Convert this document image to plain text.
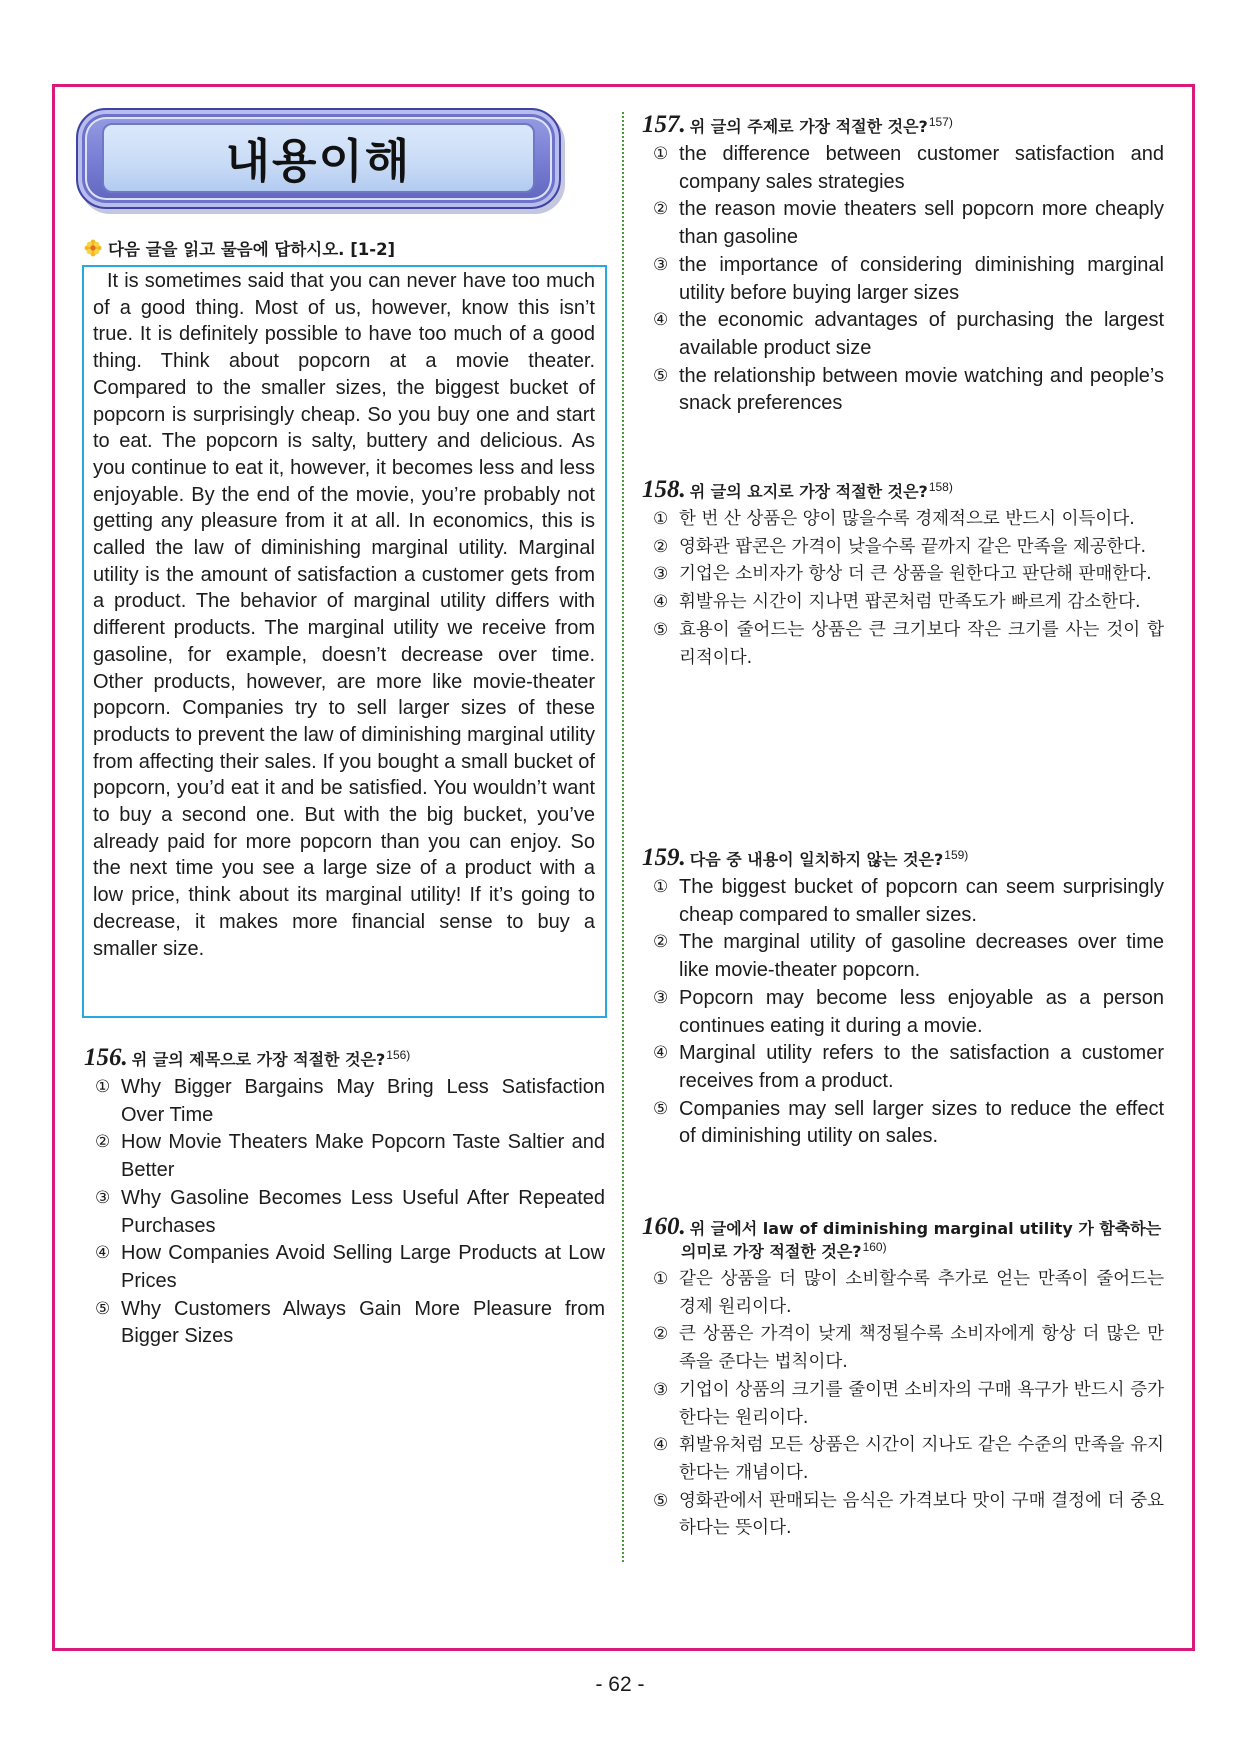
내용이해
다음 글을 읽고 물음에 답하시오. [1-2]
It is sometimes said that you can never have too much of a good thing. Most of us, however, know this isn’t true. It is definitely possible to have too much of a good thing. Think about popcorn at a movie theater. Compared to the smaller sizes, the biggest bucket of popcorn is surprisingly cheap. So you buy one and start to eat. The popcorn is salty, buttery and delicious. As you continue to eat it, however, it becomes less and less enjoyable. By the end of the movie, you’re probably not getting any pleasure from it at all. In economics, this is called the law of diminishing marginal utility. Marginal utility is the amount of satisfaction a customer gets from a product. The behavior of marginal utility differs with different products. The marginal utility we receive from gasoline, for example, doesn’t decrease over time. Other products, however, are more like movie-theater popcorn. Companies try to sell larger sizes of these products to prevent the law of diminishing marginal utility from affecting their sales. If you bought a small bucket of popcorn, you’d eat it and be satisfied. You wouldn’t want to buy a second one. But with the big bucket, you’ve already paid for more popcorn than you can enjoy. So the next time you see a large size of a product with a low price, think about its marginal utility! If it’s going to decrease, it makes more financial sense to buy a smaller size.
156. 위 글의 제목으로 가장 적절한 것은?$^{156)}$
① Why Bigger Bargains May Bring Less Satisfaction Over Time
② How Movie Theaters Make Popcorn Taste Saltier and Better
③ Why Gasoline Becomes Less Useful After Repeated Purchases
④ How Companies Avoid Selling Large Products at Low Prices
⑤ Why Customers Always Gain More Pleasure from Bigger Sizes
157. 위 글의 주제로 가장 적절한 것은?$^{157)}$
① the difference between customer satisfaction and company sales strategies
② the reason movie theaters sell popcorn more cheaply than gasoline
③ the importance of considering diminishing marginal utility before buying larger sizes
④ the economic advantages of purchasing the largest available product size
⑤ the relationship between movie watching and people’s snack preferences
158. 위 글의 요지로 가장 적절한 것은?$^{158)}$
① 한 번 산 상품은 양이 많을수록 경제적으로 반드시 이득이다.
② 영화관 팝콘은 가격이 낮을수록 끝까지 같은 만족을 제공한다.
③ 기업은 소비자가 항상 더 큰 상품을 원한다고 판단해 판매한다.
④ 휘발유는 시간이 지나면 팝콘처럼 만족도가 빠르게 감소한다.
⑤ 효용이 줄어드는 상품은 큰 크기보다 작은 크기를 사는 것이 합리적이다.
159. 다음 중 내용이 일치하지 않는 것은?$^{159)}$
① The biggest bucket of popcorn can seem surprisingly cheap compared to smaller sizes.
② The marginal utility of gasoline decreases over time like movie-theater popcorn.
③ Popcorn may become less enjoyable as a person continues eating it during a movie.
④ Marginal utility refers to the satisfaction a customer receives from a product.
⑤ Companies may sell larger sizes to reduce the effect of diminishing utility on sales.
160. 위 글에서 law of diminishing marginal utility 가 함축하는 의미로 가장 적절한 것은?$^{160)}$
① 같은 상품을 더 많이 소비할수록 추가로 얻는 만족이 줄어드는 경제 원리이다.
② 큰 상품은 가격이 낮게 책정될수록 소비자에게 항상 더 많은 만족을 준다는 법칙이다.
③ 기업이 상품의 크기를 줄이면 소비자의 구매 욕구가 반드시 증가한다는 원리이다.
④ 휘발유처럼 모든 상품은 시간이 지나도 같은 수준의 만족을 유지한다는 개념이다.
⑤ 영화관에서 판매되는 음식은 가격보다 맛이 구매 결정에 더 중요하다는 뜻이다.
- 62 -
